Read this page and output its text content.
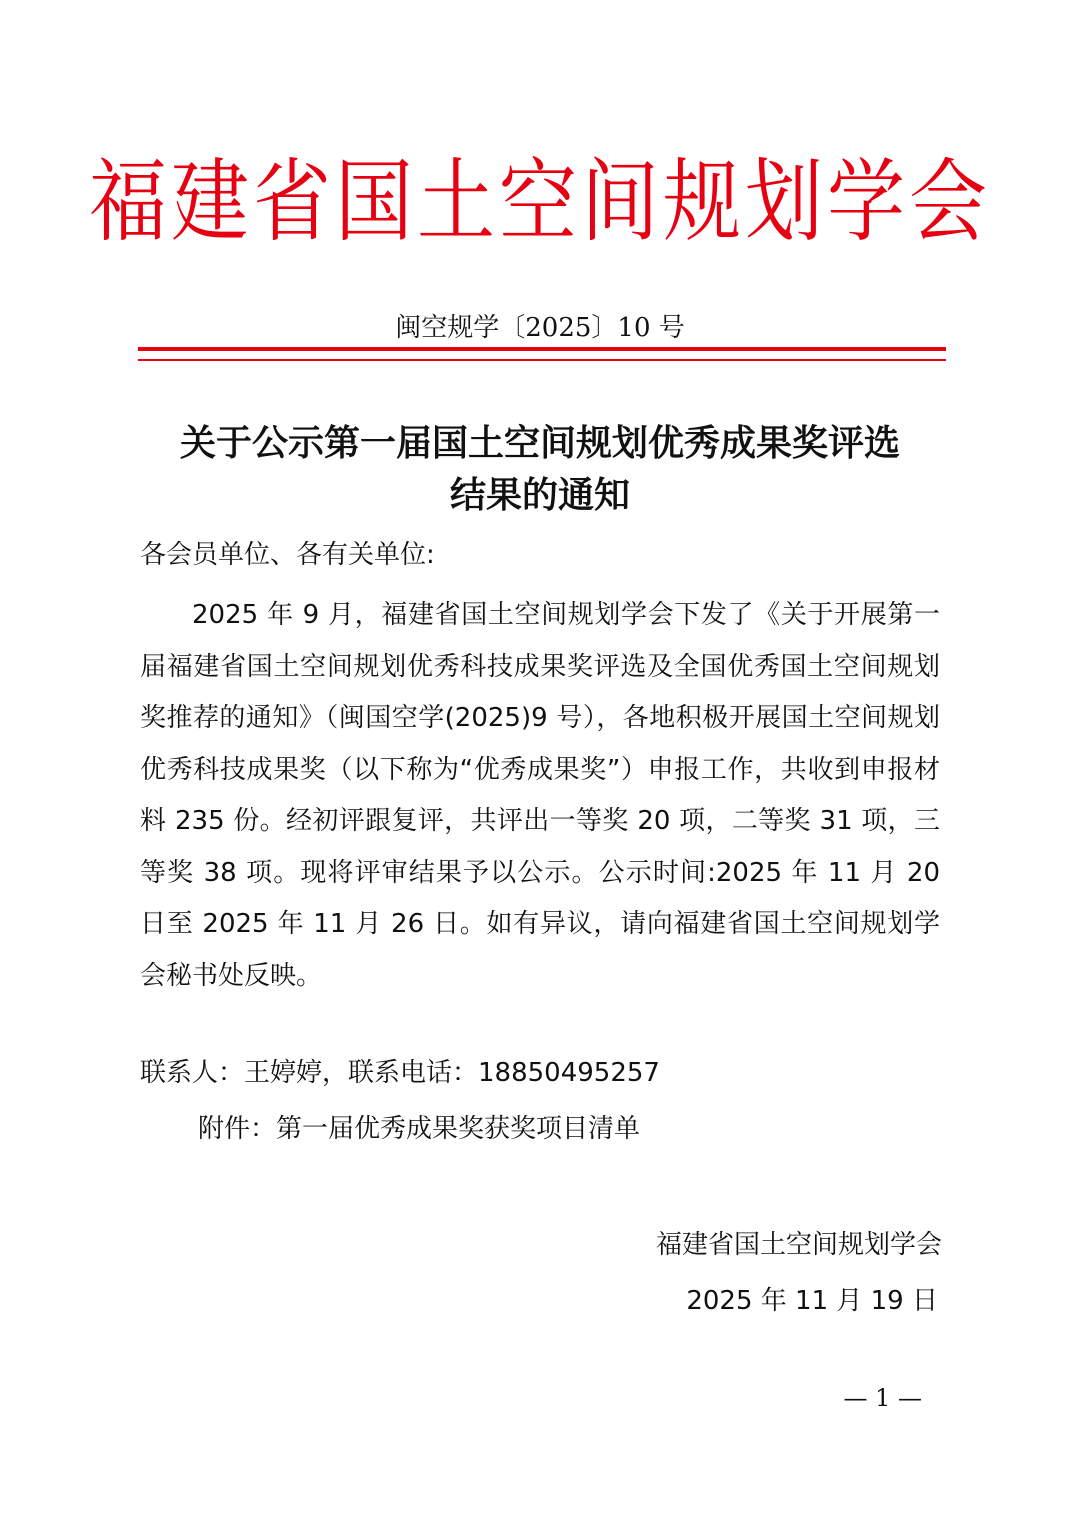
福建省国土空间规划学会
闽空规学〔2025〕10 号
关于公示第一届国土空间规划优秀成果奖评选
结果的通知
各会员单位、各有关单位:

2025 年 9 月，福建省国土空间规划学会下发了《关于开展第一届福建省国土空间规划优秀科技成果奖评选及全国优秀国土空间规划奖推荐的通知》（闽国空学(2025)9 号），各地积极开展国土空间规划优秀科技成果奖（以下称为“优秀成果奖”）申报工作，共收到申报材料 235 份。经初评跟复评，共评出一等奖 20 项，二等奖 31 项，三等奖 38 项。现将评审结果予以公示。公示时间:2025 年 11 月 20 日至 2025 年 11 月 26 日。如有异议，请向福建省国土空间规划学会秘书处反映。

联系人：王婷婷，联系电话：18850495257
附件：第一届优秀成果奖获奖项目清单
福建省国土空间规划学会
2025 年 11 月 19 日
— 1 —
